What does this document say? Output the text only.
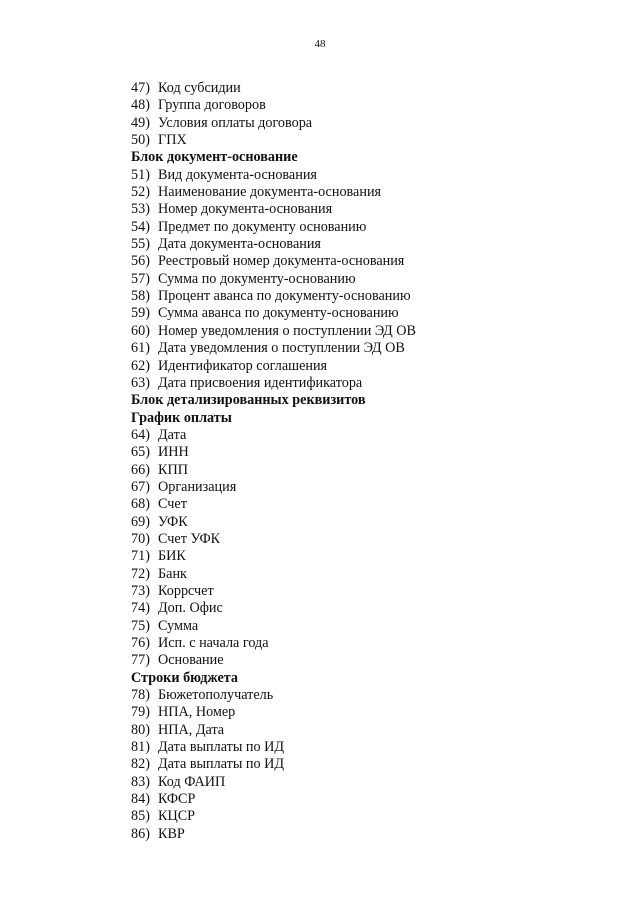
48
47) Код субсидии
48) Группа договоров
49) Условия оплаты договора
50) ГПХ
Блок документ-основание
51) Вид документа-основания
52) Наименование документа-основания
53) Номер документа-основания
54) Предмет по документу основанию
55) Дата документа-основания
56) Реестровый номер документа-основания
57) Сумма по документу-основанию
58) Процент аванса по документу-основанию
59) Сумма аванса по документу-основанию
60) Номер уведомления о поступлении ЭД ОВ
61) Дата уведомления о поступлении ЭД ОВ
62) Идентификатор соглашения
63) Дата присвоения идентификатора
Блок детализированных реквизитов
График оплаты
64) Дата
65) ИНН
66) КПП
67) Организация
68) Счет
69) УФК
70) Счет УФК
71) БИК
72) Банк
73) Коррсчет
74) Доп. Офис
75) Сумма
76) Исп. с начала года
77) Основание
Строки бюджета
78) Бюжетополучатель
79) НПА, Номер
80) НПА, Дата
81) Дата выплаты по ИД
82) Дата выплаты по ИД
83) Код ФАИП
84) КФСР
85) КЦСР
86) КВР
